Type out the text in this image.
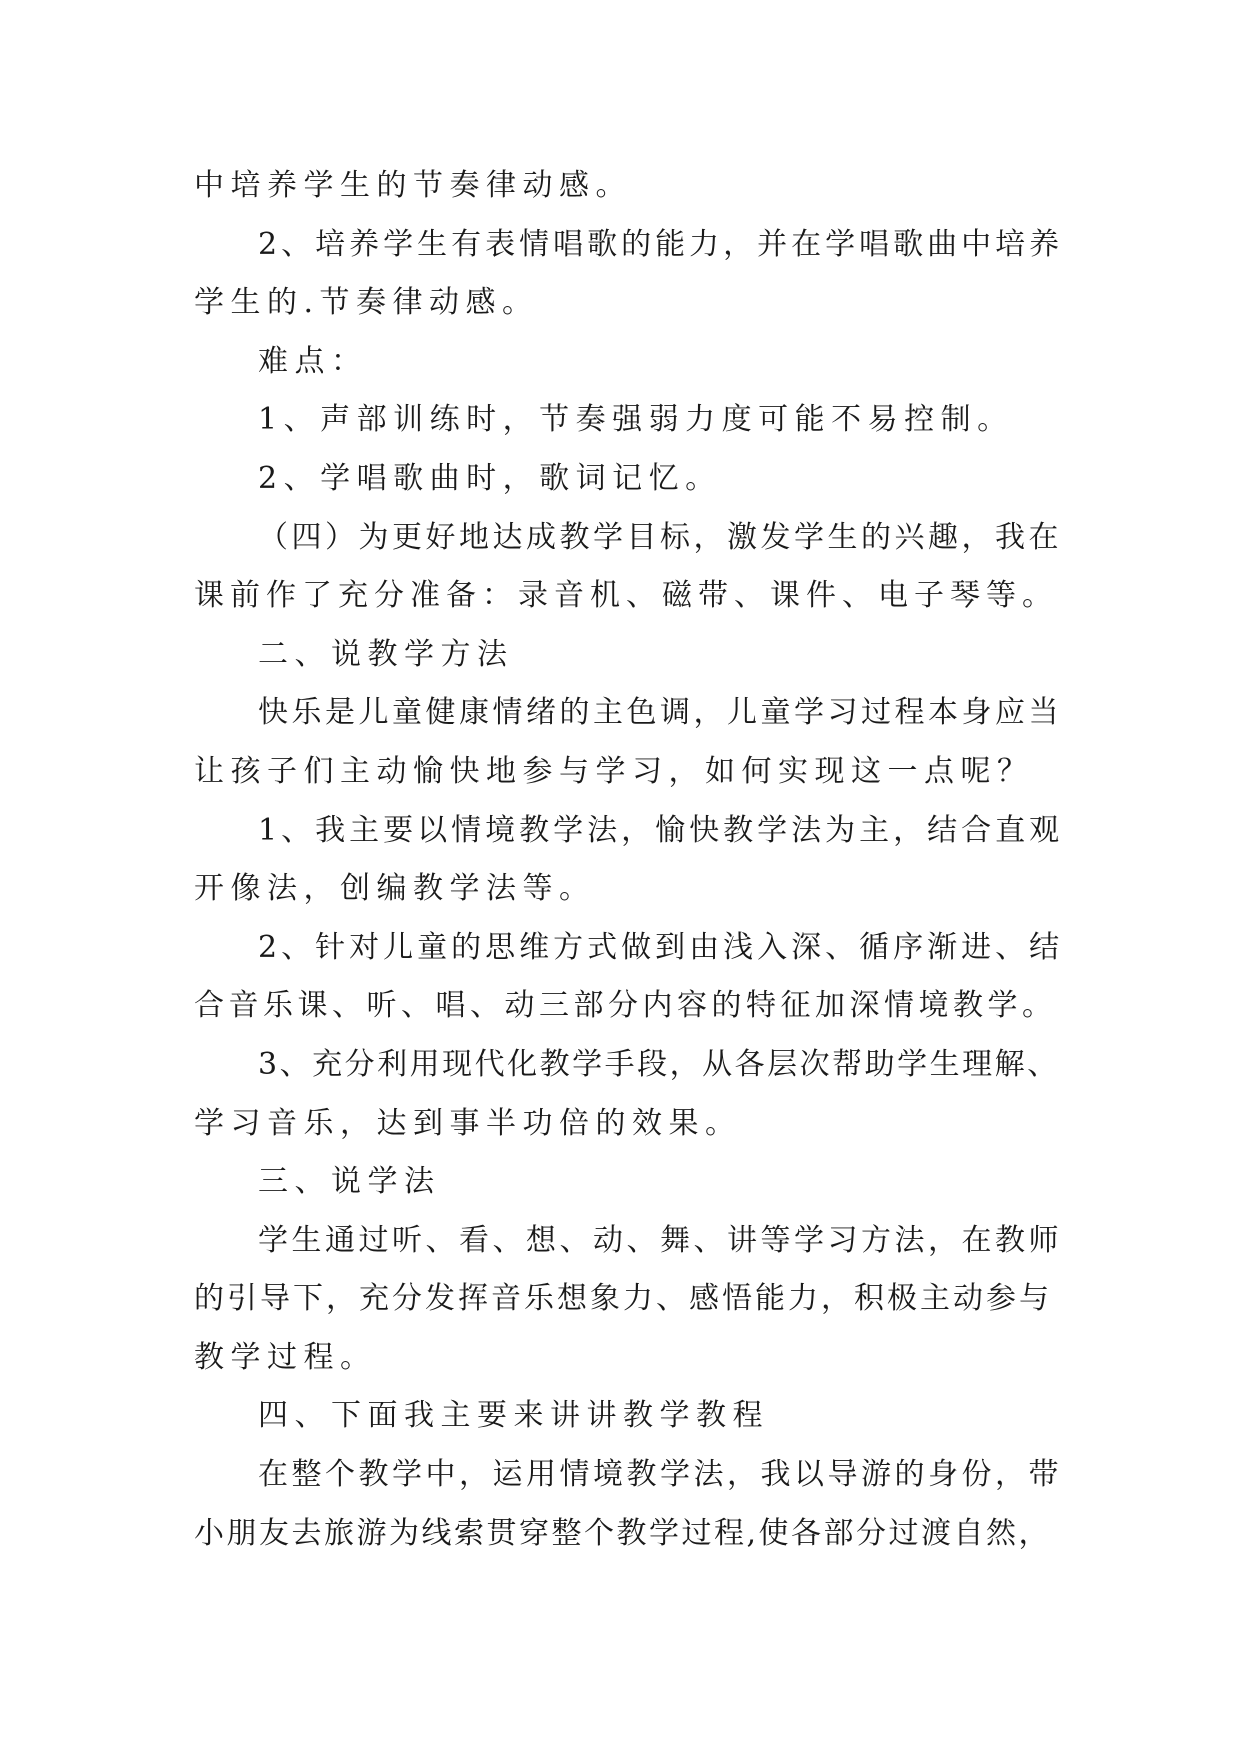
中培养学生的节奏律动感。
2、培养学生有表情唱歌的能力，并在学唱歌曲中培养
学生的.节奏律动感。
难点：
1、声部训练时，节奏强弱力度可能不易控制。
2、学唱歌曲时，歌词记忆。
（四）为更好地达成教学目标，激发学生的兴趣，我在
课前作了充分准备：录音机、磁带、课件、电子琴等。
二、说教学方法
快乐是儿童健康情绪的主色调，儿童学习过程本身应当
让孩子们主动愉快地参与学习，如何实现这一点呢？
1、我主要以情境教学法，愉快教学法为主，结合直观
开像法，创编教学法等。
2、针对儿童的思维方式做到由浅入深、循序渐进、结
合音乐课、听、唱、动三部分内容的特征加深情境教学。
3、充分利用现代化教学手段，从各层次帮助学生理解、
学习音乐，达到事半功倍的效果。
三、说学法
学生通过听、看、想、动、舞、讲等学习方法，在教师
的引导下，充分发挥音乐想象力、感悟能力，积极主动参与
教学过程。
四、下面我主要来讲讲教学教程
在整个教学中，运用情境教学法，我以导游的身份，带
小朋友去旅游为线索贯穿整个教学过程,使各部分过渡自然，
